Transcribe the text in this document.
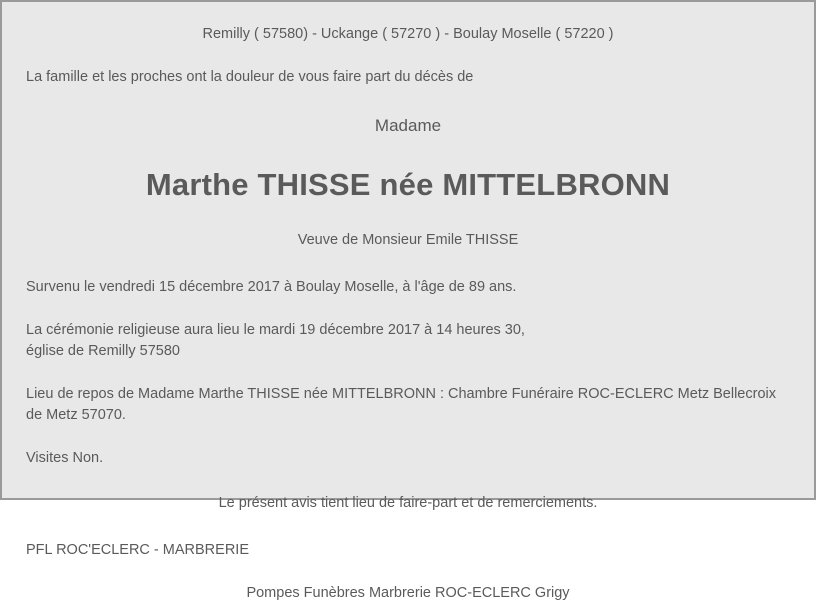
Remilly ( 57580) - Uckange ( 57270 ) - Boulay Moselle ( 57220 )
La famille et les proches ont la douleur de vous faire part du décès de
Madame
Marthe THISSE née MITTELBRONN
Veuve de Monsieur Emile THISSE
Survenu le vendredi 15 décembre 2017 à Boulay Moselle, à l'âge de 89 ans.
La cérémonie religieuse aura lieu le mardi 19 décembre 2017 à 14 heures 30,
église de Remilly 57580
Lieu de repos de Madame Marthe THISSE née MITTELBRONN : Chambre Funéraire ROC-ECLERC Metz Bellecroix
de Metz 57070.
Visites Non.
Le présent avis tient lieu de faire-part et de remerciements.
PFL ROC'ECLERC - MARBRERIE
Pompes Funèbres Marbrerie ROC-ECLERC Grigy
